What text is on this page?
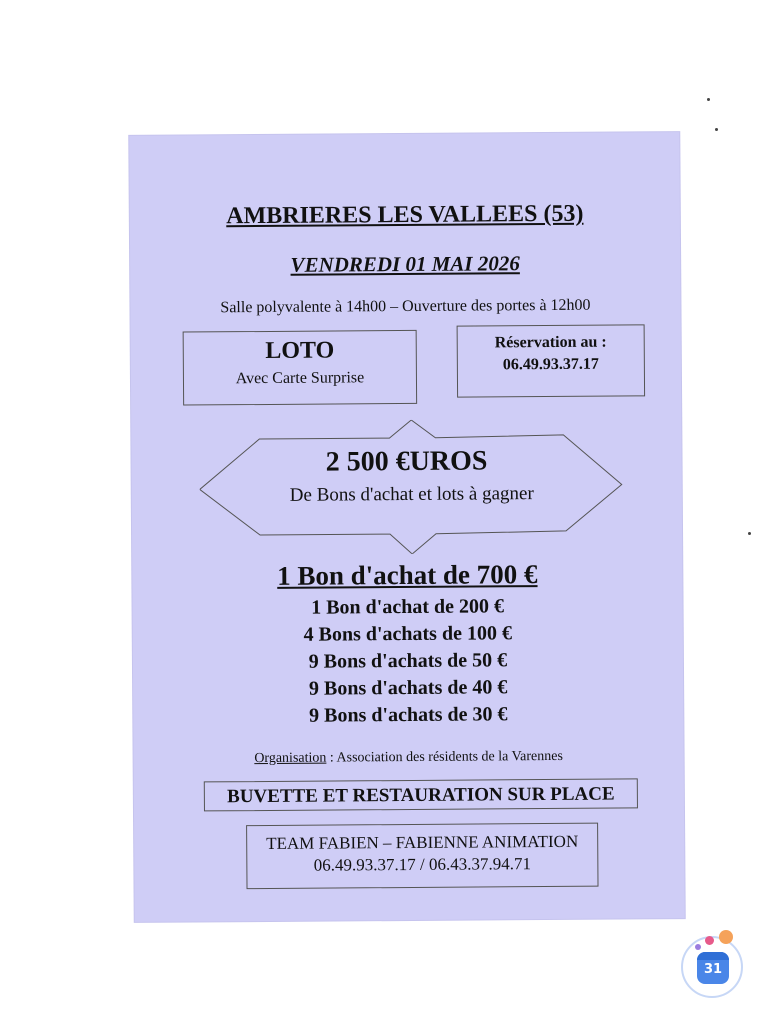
AMBRIERES LES VALLEES (53)
VENDREDI 01 MAI 2026
Salle polyvalente à 14h00 – Ouverture des portes à 12h00
LOTO
Avec Carte Surprise
Réservation au :
06.49.93.37.17
2 500 €UROS
De Bons d'achat et lots à gagner
1 Bon d'achat de 700 €
1 Bon d'achat de 200 €
4 Bons d'achats de 100 €
9 Bons d'achats de 50 €
9 Bons d'achats de 40 €
9 Bons d'achats de 30 €
Organisation : Association des résidents de la Varennes
BUVETTE ET RESTAURATION SUR PLACE
TEAM FABIEN – FABIENNE ANIMATION
06.49.93.37.17 / 06.43.37.94.71
31
